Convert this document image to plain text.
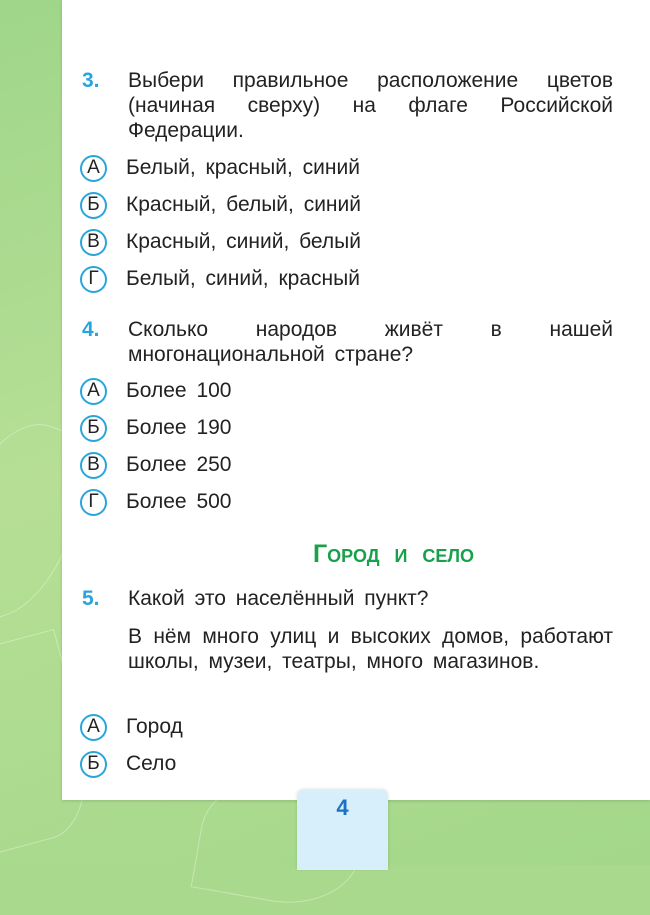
3. Выбери правильное расположение цветов (начиная сверху) на флаге Российской Федерации.
А	Белый, красный, синий
Б	Красный, белый, синий
В	Красный, синий, белый
Г	Белый, синий, красный
4. Сколько народов живёт в нашей многонациональной стране?
А	Более 100
Б	Более 190
В	Более 250
Г	Более 500
Город и село
5. Какой это населённый пункт?
В нём много улиц и высоких домов, работают школы, музеи, театры, много магазинов.
А	Город
Б	Село
4
